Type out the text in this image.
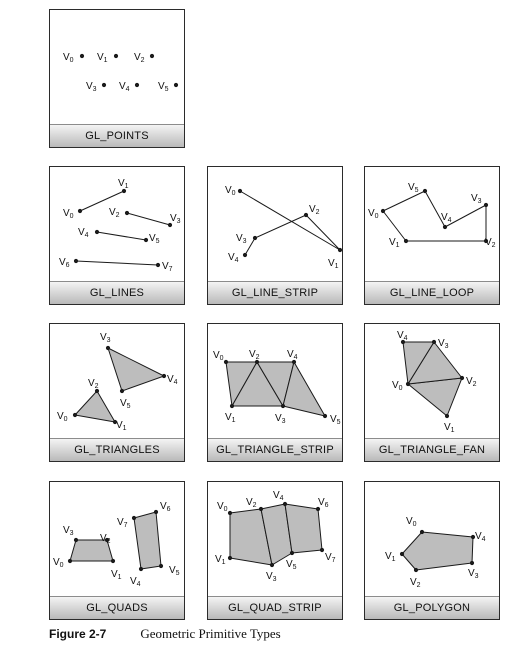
$V_0$ $V_1$	$V_2$
$V_3$ $V_4$	$V_5$
GL_POINTS
$V_0$
$V_1$
$V_2$	$V_3$
$V_4$	$V_5$
$V_6$	$V_7$
GL_LINES
$V_0$
$V_1$
$V_2$
$V_3$
$V_4$
GL_LINE_STRIP
$V_0$
$V_1$	$V_2$
$V_3$
$V_4$
$V_5$
GL_LINE_LOOP
$V_0$
$V_1$
$V_2$
$V_3$
$V_4$
$V_5$
GL_TRIANGLES
$V_0$
$V_1$
$V_2$
$V_3$
$V_4$
$V_5$
GL_TRIANGLE_STRIP
$V_0$
$V_1$
$V_2$
$V_3$
$V_4$
GL_TRIANGLE_FAN
$V_0$
$V_1$
$V_2$
$V_3$
$V_4$
$V_5$
$V_6$
$V_7$
GL_QUADS
$V_0$
$V_1$
$V_2$
$V_3$
$V_4$
$V_5$
$V_6$
$V_7$
GL_QUAD_STRIP
$V_0$
$V_1$
$V_2$
$V_3$
$V_4$
GL_POLYGON
Figure 2-7	Geometric Primitive Types
